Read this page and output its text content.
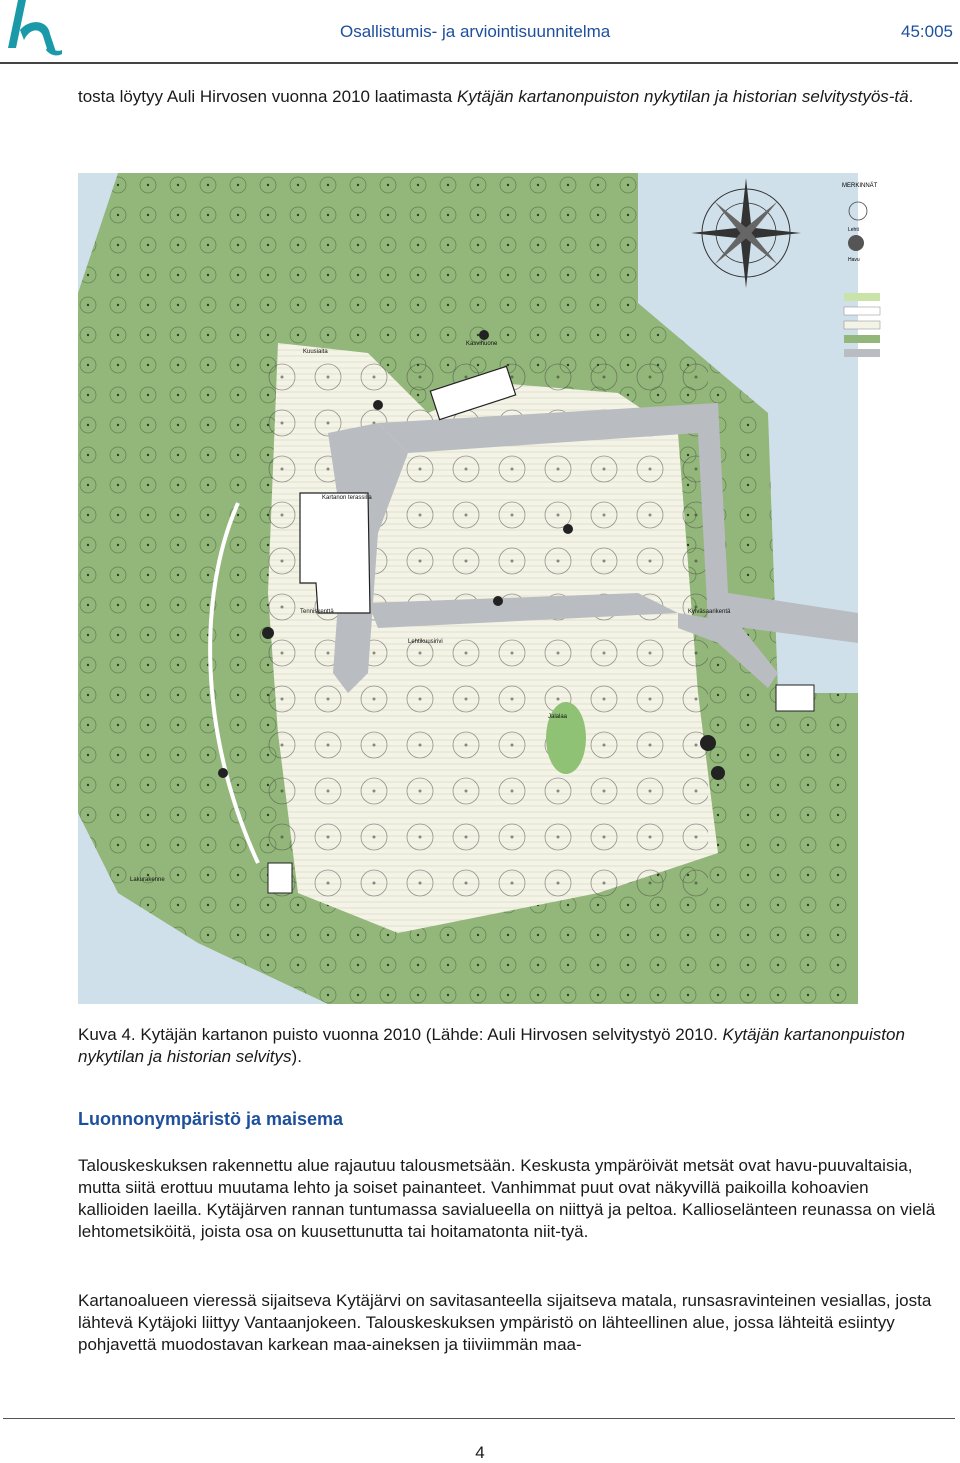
Osallistumis- ja arviointisuunnitelma	45:005

tosta löytyy Auli Hirvosen vuonna 2010 laatimasta Kytäjän kartanonpuiston nykytilan ja historian selvitystyös-tä.

MERKINNÄT
Lehti
Havu
Kasvihuone
Kuusiaita
Kartanon terassilla
Jalalaa
Tenniskenttä	Kylväsaarikentä
Lehtikuusirivi
Lakurakenne

Kuva 4. Kytäjän kartanon puisto vuonna 2010 (Lähde: Auli Hirvosen selvitystyö 2010. Kytäjän kartanonpuiston nykytilan ja historian selvitys).

Luonnonympäristö ja maisema

Talouskeskuksen rakennettu alue rajautuu talousmetsään. Keskusta ympäröivät metsät ovat havu-puuvaltaisia, mutta siitä erottuu muutama lehto ja soiset painanteet. Vanhimmat puut ovat näkyvillä paikoilla kohoavien kallioiden laeilla. Kytäjärven rannan tuntumassa savialueella on niittyä ja peltoa. Kallioselänteen reunassa on vielä lehtometsiköitä, joista osa on kuusettunutta tai hoitamatonta niit-tyä.

Kartanoalueen vieressä sijaitseva Kytäjärvi on savitasanteella sijaitseva matala, runsasravinteinen vesiallas, josta lähtevä Kytäjoki liittyy Vantaanjokeen. Talouskeskuksen ympäristö on lähteellinen alue, jossa lähteitä esiintyy pohjavettä muodostavan karkean maa-aineksen ja tiiviimmän maa-

4
